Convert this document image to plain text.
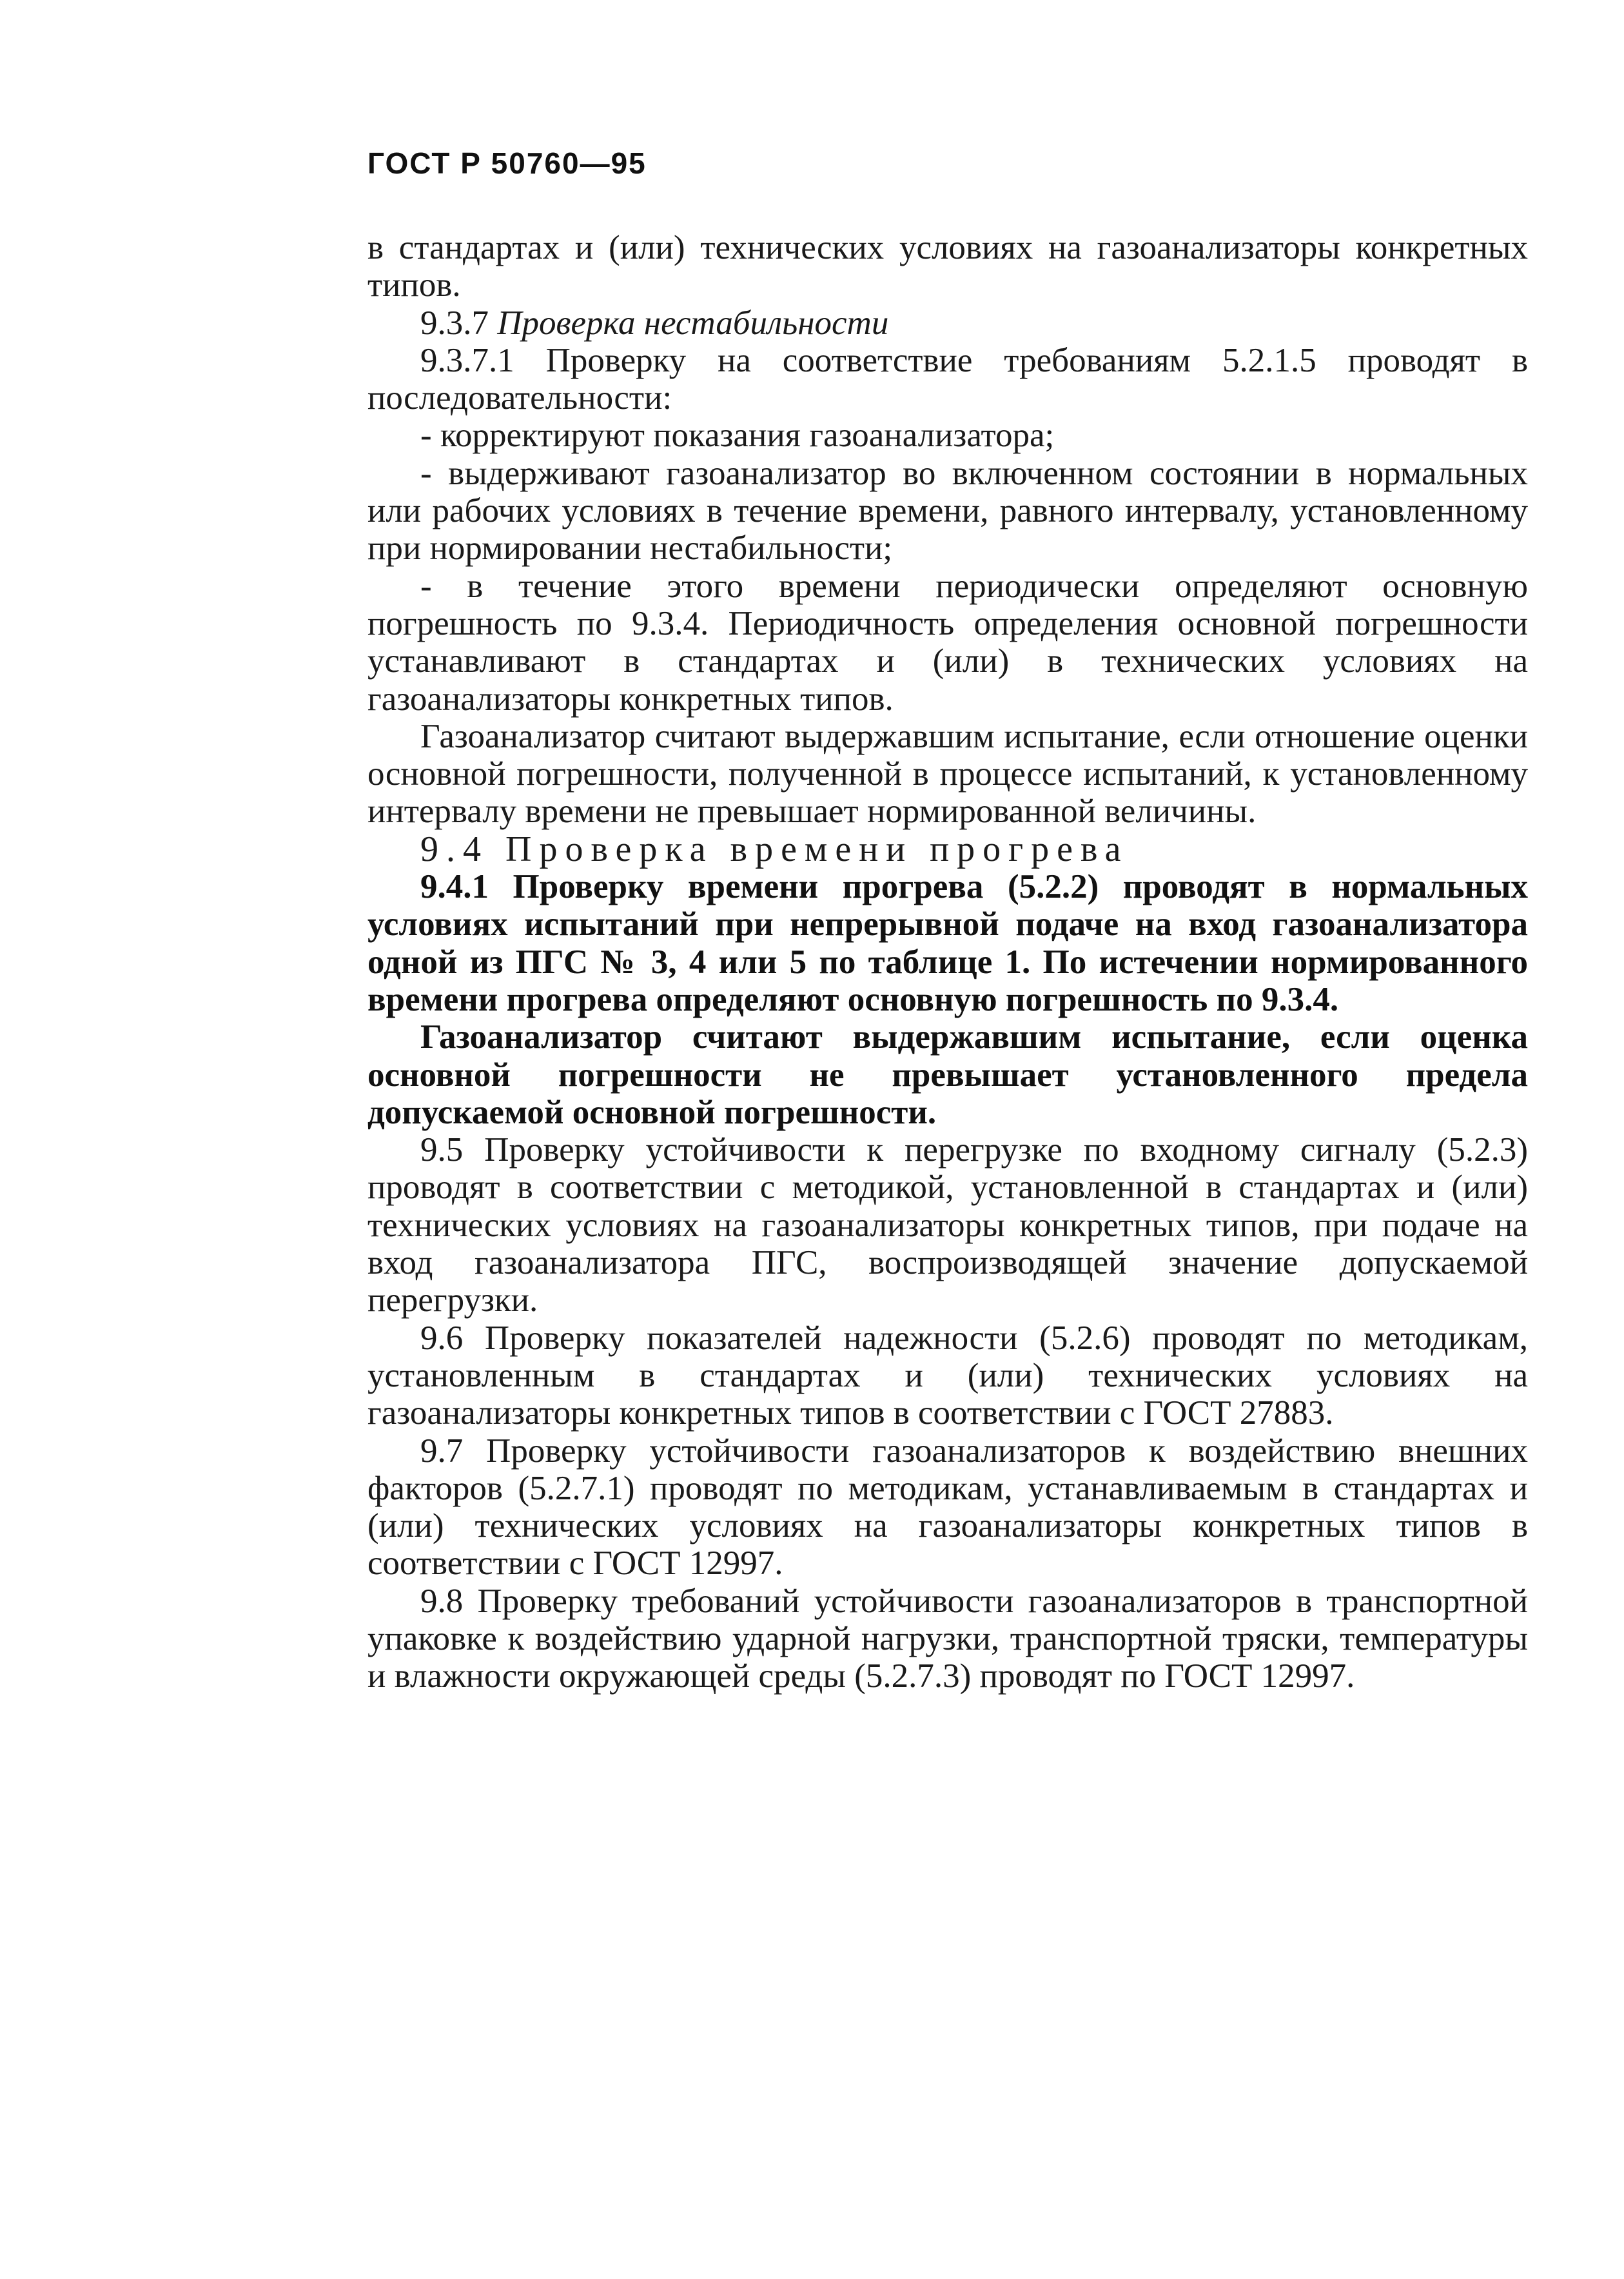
ГОСТ Р 50760—95

в стандартах и (или) технических условиях на газоанализаторы конкретных типов.

9.3.7 Проверка нестабильности

9.3.7.1 Проверку на соответствие требованиям 5.2.1.5 проводят в последовательности:

- корректируют показания газоанализатора;

- выдерживают газоанализатор во включенном состоянии в нормальных или рабочих условиях в течение времени, равного интервалу, установленному при нормировании нестабильности;

- в течение этого времени периодически определяют основную погрешность по 9.3.4. Периодичность определения основной погрешности устанавливают в стандартах и (или) в технических условиях на газоанализаторы конкретных типов.

Газоанализатор считают выдержавшим испытание, если отношение оценки основной погрешности, полученной в процессе испытаний, к установленному интервалу времени не превышает нормированной величины.

9.4 Проверка времени прогрева

9.4.1 Проверку времени прогрева (5.2.2) проводят в нормальных условиях испытаний при непрерывной подаче на вход газоанализатора одной из ПГС № 3, 4 или 5 по таблице 1. По истечении нормированного времени прогрева определяют основную погрешность по 9.3.4.

Газоанализатор считают выдержавшим испытание, если оценка основной погрешности не превышает установленного предела допускаемой основной погрешности.

9.5 Проверку устойчивости к перегрузке по входному сигналу (5.2.3) проводят в соответствии с методикой, установленной в стандартах и (или) технических условиях на газоанализаторы конкретных типов, при подаче на вход газоанализатора ПГС, воспроизводящей значение допускаемой перегрузки.

9.6 Проверку показателей надежности (5.2.6) проводят по методикам, установленным в стандартах и (или) технических условиях на газоанализаторы конкретных типов в соответствии с ГОСТ 27883.

9.7 Проверку устойчивости газоанализаторов к воздействию внешних факторов (5.2.7.1) проводят по методикам, устанавливаемым в стандартах и (или) технических условиях на газоанализаторы конкретных типов в соответствии с ГОСТ 12997.

9.8 Проверку требований устойчивости газоанализаторов в транспортной упаковке к воздействию ударной нагрузки, транспортной тряски, температуры и влажности окружающей среды (5.2.7.3) проводят по ГОСТ 12997.
